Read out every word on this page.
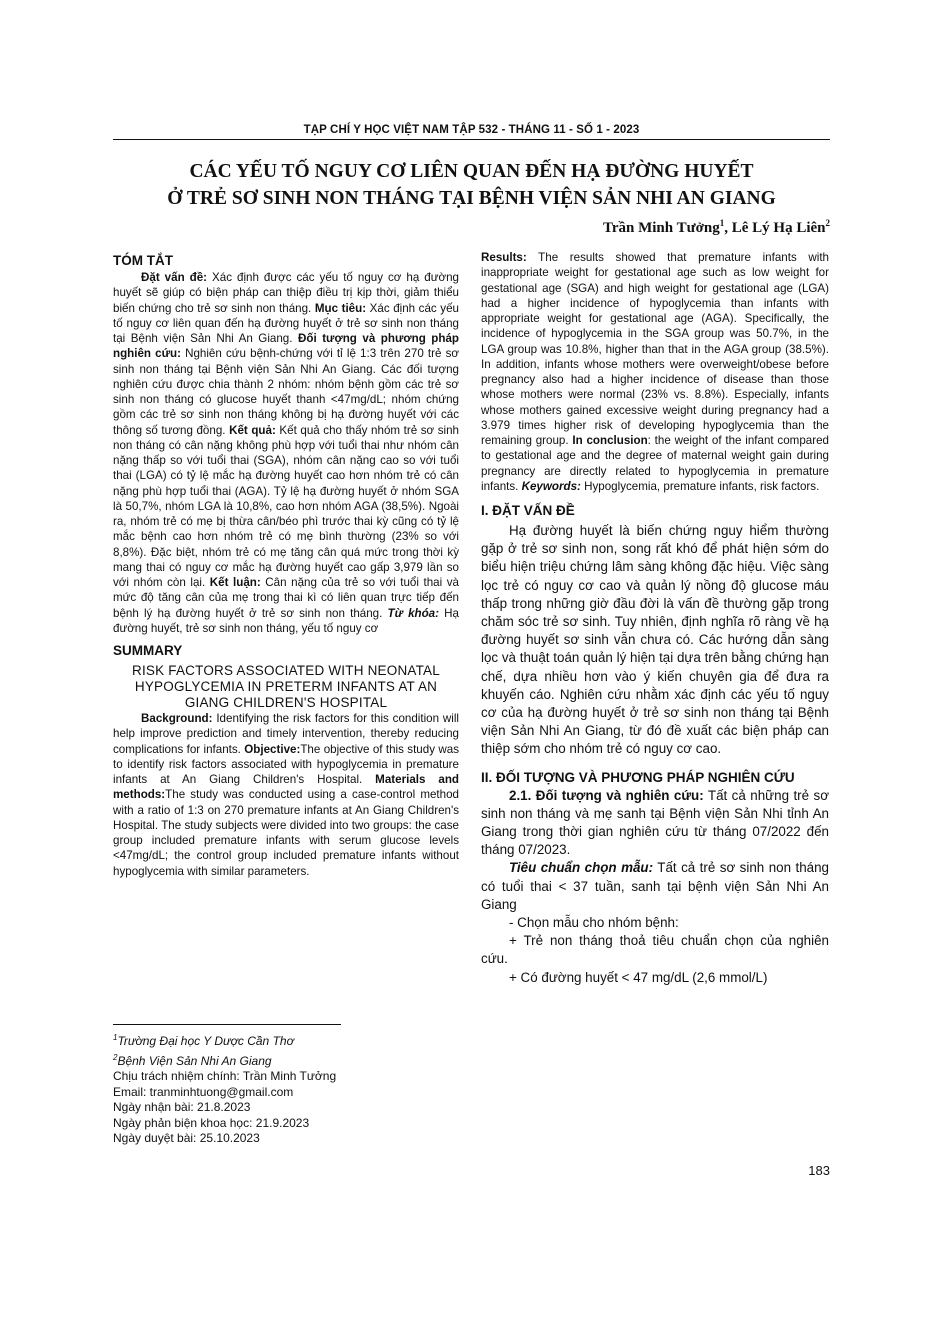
TẠP CHÍ Y HỌC VIỆT NAM TẬP 532 - THÁNG 11 - SỐ 1 - 2023
CÁC YẾU TỐ NGUY CƠ LIÊN QUAN ĐẾN HẠ ĐƯỜNG HUYẾT
Ở TRẺ SƠ SINH NON THÁNG TẠI BỆNH VIỆN SẢN NHI AN GIANG
Trần Minh Tưởng$^1$, Lê Lý Hạ Liên$^2$
TÓM TẮT

Đặt vấn đề: Xác định được các yếu tố nguy cơ hạ đường huyết sẽ giúp có biện pháp can thiệp điều trị kịp thời, giảm thiểu biến chứng cho trẻ sơ sinh non tháng. Mục tiêu: Xác định các yếu tố nguy cơ liên quan đến hạ đường huyết ở trẻ sơ sinh non tháng tại Bệnh viện Sản Nhi An Giang. Đối tượng và phương pháp nghiên cứu: Nghiên cứu bệnh-chứng với tỉ lệ 1:3 trên 270 trẻ sơ sinh non tháng tại Bệnh viện Sản Nhi An Giang. Các đối tượng nghiên cứu được chia thành 2 nhóm: nhóm bệnh gồm các trẻ sơ sinh non tháng có glucose huyết thanh <47mg/dL; nhóm chứng gồm các trẻ sơ sinh non tháng không bị hạ đường huyết với các thông số tương đồng. Kết quả: Kết quả cho thấy nhóm trẻ sơ sinh non tháng có cân nặng không phù hợp với tuổi thai như nhóm cân nặng thấp so với tuổi thai (SGA), nhóm cân nặng cao so với tuổi thai (LGA) có tỷ lệ mắc hạ đường huyết cao hơn nhóm trẻ có cân nặng phù hợp tuổi thai (AGA). Tỷ lệ hạ đường huyết ở nhóm SGA là 50,7%, nhóm LGA là 10,8%, cao hơn nhóm AGA (38,5%). Ngoài ra, nhóm trẻ có mẹ bị thừa cân/béo phì trước thai kỳ cũng có tỷ lệ mắc bệnh cao hơn nhóm trẻ có mẹ bình thường (23% so với 8,8%). Đặc biệt, nhóm trẻ có mẹ tăng cân quá mức trong thời kỳ mang thai có nguy cơ mắc hạ đường huyết cao gấp 3,979 lần so với nhóm còn lại. Kết luận: Cân nặng của trẻ so với tuổi thai và mức độ tăng cân của mẹ trong thai kì có liên quan trực tiếp đến bệnh lý hạ đường huyết ở trẻ sơ sinh non tháng. Từ khóa: Hạ đường huyết, trẻ sơ sinh non tháng, yếu tố nguy cơ

SUMMARY
RISK FACTORS ASSOCIATED WITH NEONATAL HYPOGLYCEMIA IN PRETERM INFANTS AT AN GIANG CHILDREN'S HOSPITAL

Background: Identifying the risk factors for this condition will help improve prediction and timely intervention, thereby reducing complications for infants. Objective:The objective of this study was to identify risk factors associated with hypoglycemia in premature infants at An Giang Children's Hospital. Materials and methods:The study was conducted using a case-control method with a ratio of 1:3 on 270 premature infants at An Giang Children's Hospital. The study subjects were divided into two groups: the case group included premature infants with serum glucose levels <47mg/dL; the control group included premature infants without hypoglycemia with similar parameters.

$^1$Trường Đại học Y Dược Cần Thơ
$^2$Bệnh Viện Sản Nhi An Giang
Chịu trách nhiệm chính: Trần Minh Tưởng
Email: tranminhtuong@gmail.com
Ngày nhận bài: 21.8.2023
Ngày phản biện khoa học: 21.9.2023
Ngày duyệt bài: 25.10.2023

Results: The results showed that premature infants with inappropriate weight for gestational age such as low weight for gestational age (SGA) and high weight for gestational age (LGA) had a higher incidence of hypoglycemia than infants with appropriate weight for gestational age (AGA). Specifically, the incidence of hypoglycemia in the SGA group was 50.7%, in the LGA group was 10.8%, higher than that in the AGA group (38.5%). In addition, infants whose mothers were overweight/obese before pregnancy also had a higher incidence of disease than those whose mothers were normal (23% vs. 8.8%). Especially, infants whose mothers gained excessive weight during pregnancy had a 3.979 times higher risk of developing hypoglycemia than the remaining group. In conclusion: the weight of the infant compared to gestational age and the degree of maternal weight gain during pregnancy are directly related to hypoglycemia in premature infants. Keywords: Hypoglycemia, premature infants, risk factors.

I. ĐẶT VẤN ĐỀ

Hạ đường huyết là biến chứng nguy hiểm thường gặp ở trẻ sơ sinh non, song rất khó để phát hiện sớm do biểu hiện triệu chứng lâm sàng không đặc hiệu. Việc sàng lọc trẻ có nguy cơ cao và quản lý nồng độ glucose máu thấp trong những giờ đầu đời là vấn đề thường gặp trong chăm sóc trẻ sơ sinh. Tuy nhiên, định nghĩa rõ ràng về hạ đường huyết sơ sinh vẫn chưa có. Các hướng dẫn sàng lọc và thuật toán quản lý hiện tại dựa trên bằng chứng hạn chế, dựa nhiều hơn vào ý kiến chuyên gia để đưa ra khuyến cáo. Nghiên cứu nhằm xác định các yếu tố nguy cơ của hạ đường huyết ở trẻ sơ sinh non tháng tại Bệnh viện Sản Nhi An Giang, từ đó đề xuất các biện pháp can thiệp sớm cho nhóm trẻ có nguy cơ cao.

II. ĐỐI TƯỢNG VÀ PHƯƠNG PHÁP NGHIÊN CỨU

2.1. Đối tượng và nghiên cứu: Tất cả những trẻ sơ sinh non tháng và mẹ sanh tại Bệnh viện Sản Nhi tỉnh An Giang trong thời gian nghiên cứu từ tháng 07/2022 đến tháng 07/2023.

Tiêu chuẩn chọn mẫu: Tất cả trẻ sơ sinh non tháng có tuổi thai < 37 tuần, sanh tại bệnh viện Sản Nhi An Giang

- Chọn mẫu cho nhóm bệnh:

+ Trẻ non tháng thoả tiêu chuẩn chọn của nghiên cứu.

+ Có đường huyết < 47 mg/dL (2,6 mmol/L)

183
